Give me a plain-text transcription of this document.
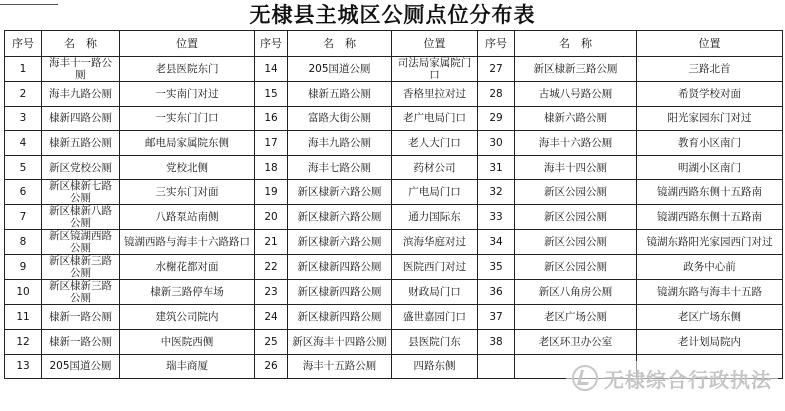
无棣县主城区公厕点位分布表
序号	名　称	位置	序号	名　称	位置	序号	名　称	位置
1	海丰十一路公厕	老县医院东门	14	205国道公厕	司法局家属院门口	27	新区棣新三路公厕	三路北首
2	海丰九路公厕	一实南门对过	15	棣新五路公厕	香格里拉对过	28	古城八号路公厕	希贤学校对面
3	棣新四路公厕	一实东门门口	16	富路大街公厕	老广电局门口	29	棣新六路公厕	阳光家园东门对过
4	棣新五路公厕	邮电局家属院东侧	17	海丰九路公厕	老人大门口	30	海丰十六路公厕	教育小区南门
5	新区党校公厕	党校北侧	18	海丰七路公厕	药材公司	31	海丰十四公厕	明湖小区南门
6	新区棣新七路公厕	三实东门对面	19	新区棣新六路公厕	广电局门口	32	新区公园公厕	镜湖西路东侧十五路南
7	新区棣新八路公厕	八路泵站南侧	20	新区棣新六路公厕	通力国际东	33	新区公园公厕	镜湖西路东侧十五路南
8	新区镜湖西路公厕	镜湖西路与海丰十六路路口	21	新区棣新六路公厕	滨海华庭对过	34	新区公园公厕	镜湖东路阳光家园西门对过
9	新区棣新三路公厕	水榭花都对面	22	新区棣新四路公厕	医院西门对过	35	新区公园公厕	政务中心前
10	新区棣新三路公厕	棣新三路停车场	23	新区棣新四路公厕	财政局门口	36	新区八角房公厕	镜湖东路与海丰十五路
11	棣新一路公厕	建筑公司院内	24	新区棣新四路公厕	盛世嘉园门口	37	老区广场公厕	老区广场东侧
12	棣新一路公厕	中医院西侧	25	新区海丰十四路公厕	县医院门东	38	老区环卫办公室	老计划局院内
13	205国道公厕	瑞丰商厦	26	海丰十五路公厕	四路东侧			
无棣综合行政执法
